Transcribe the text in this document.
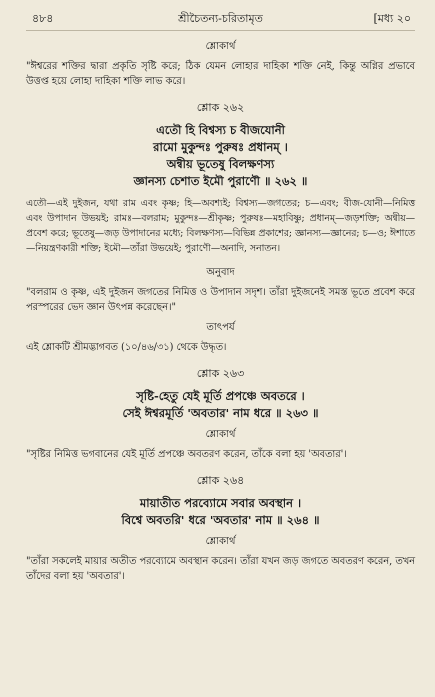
৪৮৪	শ্রীচৈতন্য-চরিতামৃত	[মধ্য ২০
শ্লোকার্থ

"ঈশ্বরের শক্তির দ্বারা প্রকৃতি সৃষ্টি করে; ঠিক যেমন লোহার দাহিকা শক্তি নেই, কিন্তু অগ্নির প্রভাবে উত্তপ্ত হয়ে লোহা দাহিকা শক্তি লাভ করে।

শ্লোক ২৬২
এতৌ হি বিশ্বস্য চ বীজযোনী
রামো মুকুন্দঃ পুরুষঃ প্রধানম্ ।
অন্বীয় ভূতেষু বিলক্ষণস্য
জ্ঞানস্য চেশাত ইমৌ পুরাণৌ ॥ ২৬২ ॥

এতৌ—এই দুইজন, যথা রাম এবং কৃষ্ণ; হি—অবশ্যই; বিশ্বস্য—জগতের; চ—এবং; বীজ-যোনী—নিমিত্ত এবং উপাদান উভয়ই; রামঃ—বলরাম; মুকুন্দঃ—শ্রীকৃষ্ণ; পুরুষঃ—মহাবিষ্ণু; প্রধানম্—জড়শক্তি; অন্বীয়—প্রবেশ করে; ভূতেষু—জড় উপাদানের মধ্যে; বিলক্ষণস্য—বিভিন্ন প্রকাশের; জ্ঞানস্য—জ্ঞানের; চ—ও; ঈশাতে—নিয়ন্ত্রণকারী শক্তি; ইমৌ—তাঁরা উভয়েই; পুরাণৌ—অনাদি, সনাতন।

অনুবাদ

"বলরাম ও কৃষ্ণ, এই দুইজন জগতের নিমিত্ত ও উপাদান সদৃশ। তাঁরা দুইজনেই সমস্ত ভূতে প্রবেশ করে পরস্পরের ভেদ জ্ঞান উৎপন্ন করেছেন।"

তাৎপর্য

এই শ্লোকটি শ্রীমদ্ভাগবত (১০/৪৬/৩১) থেকে উদ্ধৃত।

শ্লোক ২৬৩
সৃষ্টি-হেতু যেই মূর্তি প্রপঞ্চে অবতরে ।
সেই ঈশ্বরমূর্তি 'অবতার' নাম ধরে ॥ ২৬৩ ॥
শ্লোকার্থ

"সৃষ্টির নিমিত্ত ভগবানের যেই মূর্তি প্রপঞ্চে অবতরণ করেন, তাঁকে বলা হয় 'অবতার'।

শ্লোক ২৬৪
মায়াতীত পরব্যোমে সবার অবস্থান ।
বিশ্বে অবতরি' ধরে 'অবতার' নাম ॥ ২৬৪ ॥
শ্লোকার্থ

"তাঁরা সকলেই মায়ার অতীত পরব্যোমে অবস্থান করেন। তাঁরা যখন জড় জগতে অবতরণ করেন, তখন তাঁদের বলা হয় 'অবতার'।
